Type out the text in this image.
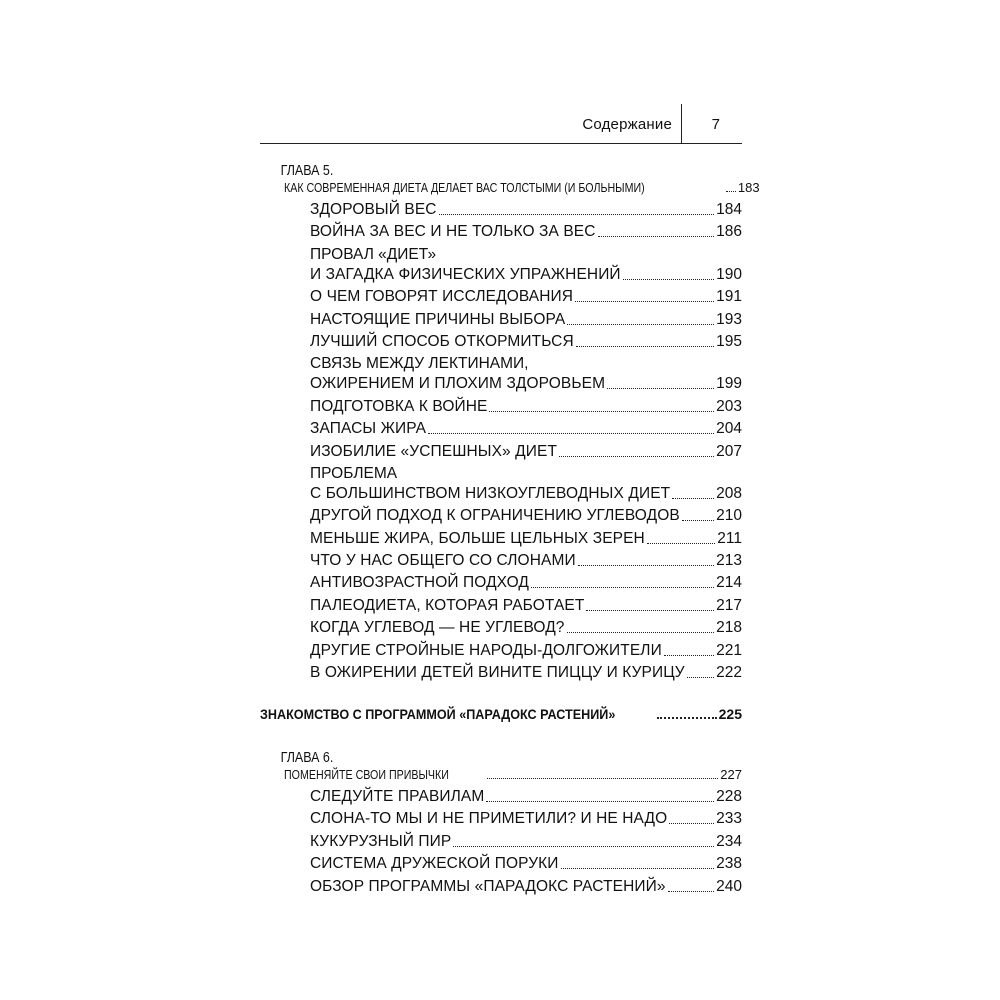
Содержание	7
ГЛАВА 5.
КАК СОВРЕМЕННАЯ ДИЕТА ДЕЛАЕТ ВАС ТОЛСТЫМИ (И БОЛЬНЫМИ)	183
ЗДОРОВЫЙ ВЕС	184
ВОЙНА ЗА ВЕС И НЕ ТОЛЬКО ЗА ВЕС	186
ПРОВАЛ «ДИЕТ»
И ЗАГАДКА ФИЗИЧЕСКИХ УПРАЖНЕНИЙ	190
О ЧЕМ ГОВОРЯТ ИССЛЕДОВАНИЯ	191
НАСТОЯЩИЕ ПРИЧИНЫ ВЫБОРА	193
ЛУЧШИЙ СПОСОБ ОТКОРМИТЬСЯ	195
СВЯЗЬ МЕЖДУ ЛЕКТИНАМИ,
ОЖИРЕНИЕМ И ПЛОХИМ ЗДОРОВЬЕМ	199
ПОДГОТОВКА К ВОЙНЕ	203
ЗАПАСЫ ЖИРА	204
ИЗОБИЛИЕ «УСПЕШНЫХ» ДИЕТ	207
ПРОБЛЕМА
С БОЛЬШИНСТВОМ НИЗКОУГЛЕВОДНЫХ ДИЕТ	208
ДРУГОЙ ПОДХОД К ОГРАНИЧЕНИЮ УГЛЕВОДОВ 210
МЕНЬШЕ ЖИРА, БОЛЬШЕ ЦЕЛЬНЫХ ЗЕРЕН	211
ЧТО У НАС ОБЩЕГО СО СЛОНАМИ	213
АНТИВОЗРАСТНОЙ ПОДХОД	214
ПАЛЕОДИЕТА, КОТОРАЯ РАБОТАЕТ	217
КОГДА УГЛЕВОД — НЕ УГЛЕВОД?	218
ДРУГИЕ СТРОЙНЫЕ НАРОДЫ-ДОЛГОЖИТЕЛИ	221
В ОЖИРЕНИИ ДЕТЕЙ ВИНИТЕ ПИЦЦУ И КУРИЦУ 222
ЗНАКОМСТВО С ПРОГРАММОЙ «ПАРАДОКС РАСТЕНИЙ»	225
ГЛАВА 6.
ПОМЕНЯЙТЕ СВОИ ПРИВЫЧКИ	227
СЛЕДУЙТЕ ПРАВИЛАМ	228
СЛОНА-ТО МЫ И НЕ ПРИМЕТИЛИ? И НЕ НАДО	233
КУКУРУЗНЫЙ ПИР	234
СИСТЕМА ДРУЖЕСКОЙ ПОРУКИ	238
ОБЗОР ПРОГРАММЫ «ПАРАДОКС РАСТЕНИЙ»	240
